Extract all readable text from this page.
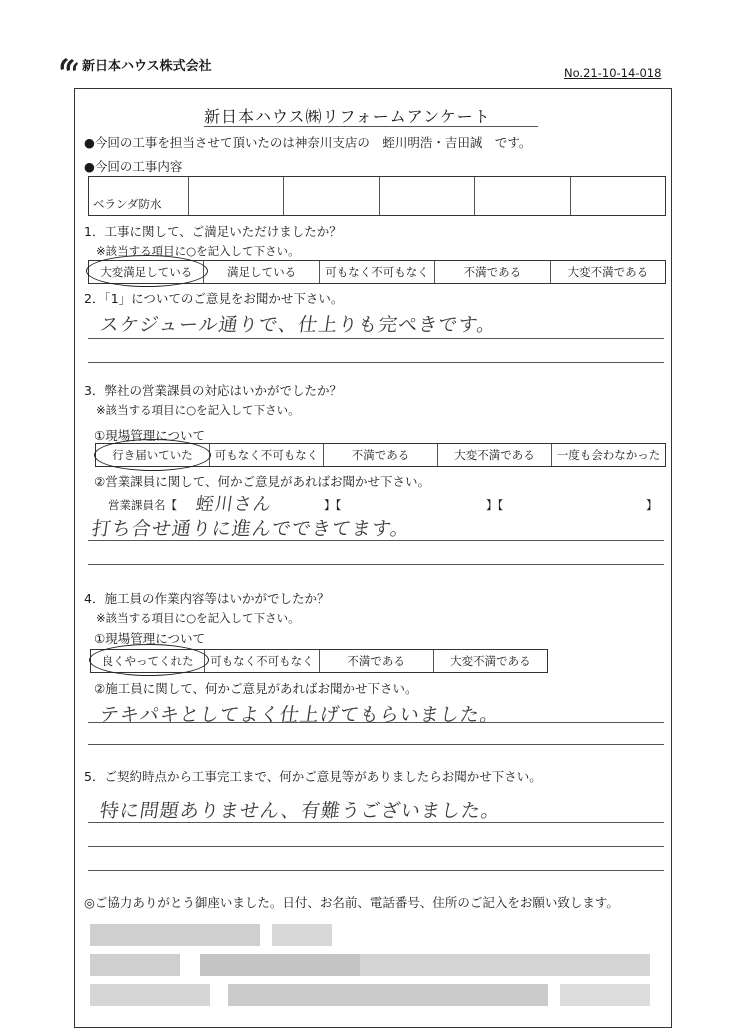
新日本ハウス株式会社	No.21-10-14-018
新日本ハウス㈱リフォームアンケート
●今回の工事を担当させて頂いたのは神奈川支店の　蛭川明浩・吉田誠　です。
●今回の工事内容
ベランダ防水
1．工事に関して、ご満足いただけましたか？
※該当する項目に○を記入して下さい。
大変満足している	満足している	可もなく不可もなく	不満である	大変不満である
2．「1」についてのご意見をお聞かせ下さい。
スケジュール通りで、仕上りも完ぺきです。
3．弊社の営業課員の対応はいかがでしたか？
※該当する項目に○を記入して下さい。
①現場管理について
行き届いていた	可もなく不可もなく	不満である	大変不満である	一度も会わなかった
②営業課員に関して、何かご意見があればお聞かせ下さい。
営業課員名【 蛭川さん	】【	】【	】
打ち合せ通りに進んでできてます。
4．施工員の作業内容等はいかがでしたか？
※該当する項目に○を記入して下さい。
①現場管理について
良くやってくれた	可もなく不可もなく	不満である	大変不満である
②施工員に関して、何かご意見があればお聞かせ下さい。
テキパキとしてよく仕上げてもらいました。
5．ご契約時点から工事完工まで、何かご意見等がありましたらお聞かせ下さい。
特に問題ありません、有難うございました。
◎ご協力ありがとう御座いました。日付、お名前、電話番号、住所のご記入をお願い致します。
